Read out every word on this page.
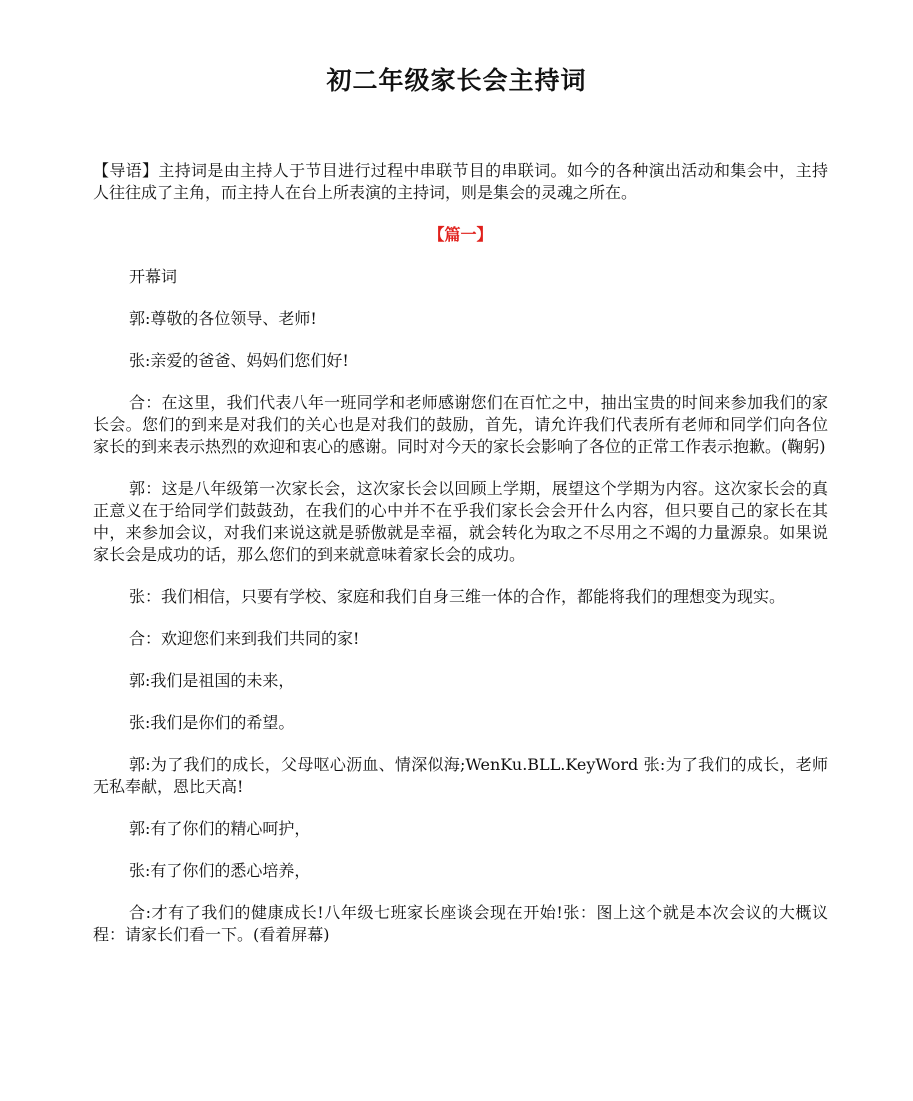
初二年级家长会主持词

【导语】主持词是由主持人于节目进行过程中串联节目的串联词。如今的各种演出活动和集会中，主持人往往成了主角，而主持人在台上所表演的主持词，则是集会的灵魂之所在。

【篇一】

开幕词

郭:尊敬的各位领导、老师!

张:亲爱的爸爸、妈妈们您们好!

合：在这里，我们代表八年一班同学和老师感谢您们在百忙之中，抽出宝贵的时间来参加我们的家长会。您们的到来是对我们的关心也是对我们的鼓励，首先，请允许我们代表所有老师和同学们向各位家长的到来表示热烈的欢迎和衷心的感谢。同时对今天的家长会影响了各位的正常工作表示抱歉。(鞠躬)

郭：这是八年级第一次家长会，这次家长会以回顾上学期，展望这个学期为内容。这次家长会的真正意义在于给同学们鼓鼓劲，在我们的心中并不在乎我们家长会会开什么内容，但只要自己的家长在其中，来参加会议，对我们来说这就是骄傲就是幸福，就会转化为取之不尽用之不竭的力量源泉。如果说家长会是成功的话，那么您们的到来就意味着家长会的成功。

张：我们相信，只要有学校、家庭和我们自身三维一体的合作，都能将我们的理想变为现实。

合：欢迎您们来到我们共同的家!

郭:我们是祖国的未来，

张:我们是你们的希望。

郭:为了我们的成长，父母呕心沥血、情深似海;WenKu.BLL.KeyWord 张:为了我们的成长，老师无私奉献，恩比天高!

郭:有了你们的精心呵护，

张:有了你们的悉心培养，

合:才有了我们的健康成长!八年级七班家长座谈会现在开始!张：图上这个就是本次会议的大概议程：请家长们看一下。(看着屏幕)
